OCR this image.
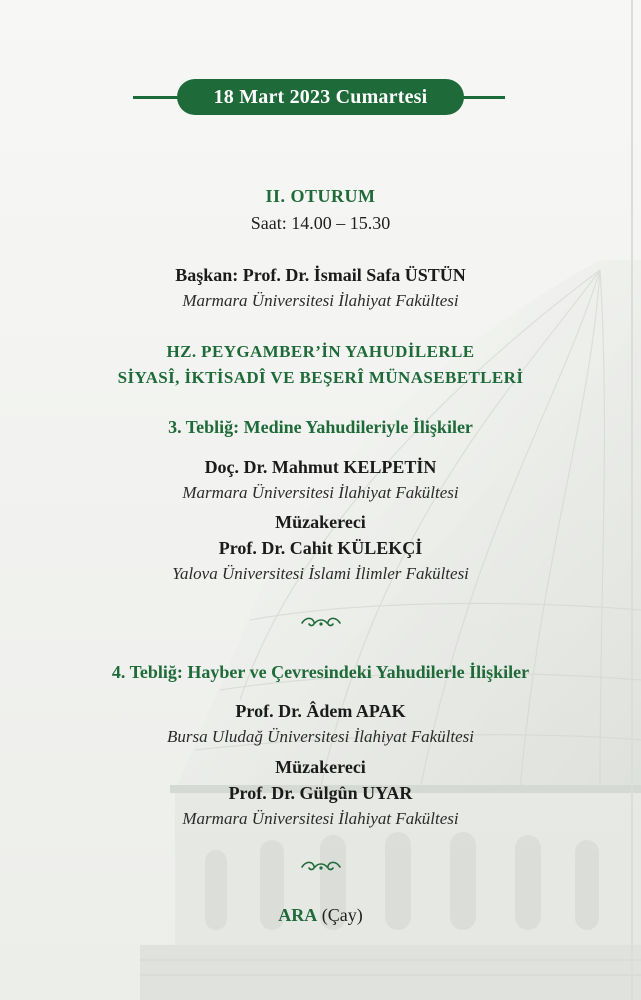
18 Mart 2023 Cumartesi
II. OTURUM
Saat: 14.00 – 15.30
Başkan: Prof. Dr. İsmail Safa ÜSTÜN
Marmara Üniversitesi İlahiyat Fakültesi
HZ. PEYGAMBER’İN YAHUDİLERLE
SİYASÎ, İKTİSADÎ VE BEŞERÎ MÜNASEBETLERİ
3. Tebliğ: Medine Yahudileriyle İlişkiler
Doç. Dr. Mahmut KELPETİN
Marmara Üniversitesi İlahiyat Fakültesi
Müzakereci
Prof. Dr. Cahit KÜLEKÇİ
Yalova Üniversitesi İslami İlimler Fakültesi
4. Tebliğ: Hayber ve Çevresindeki Yahudilerle İlişkiler
Prof. Dr. Âdem APAK
Bursa Uludağ Üniversitesi İlahiyat Fakültesi
Müzakereci
Prof. Dr. Gülgûn UYAR
Marmara Üniversitesi İlahiyat Fakültesi
ARA (Çay)
